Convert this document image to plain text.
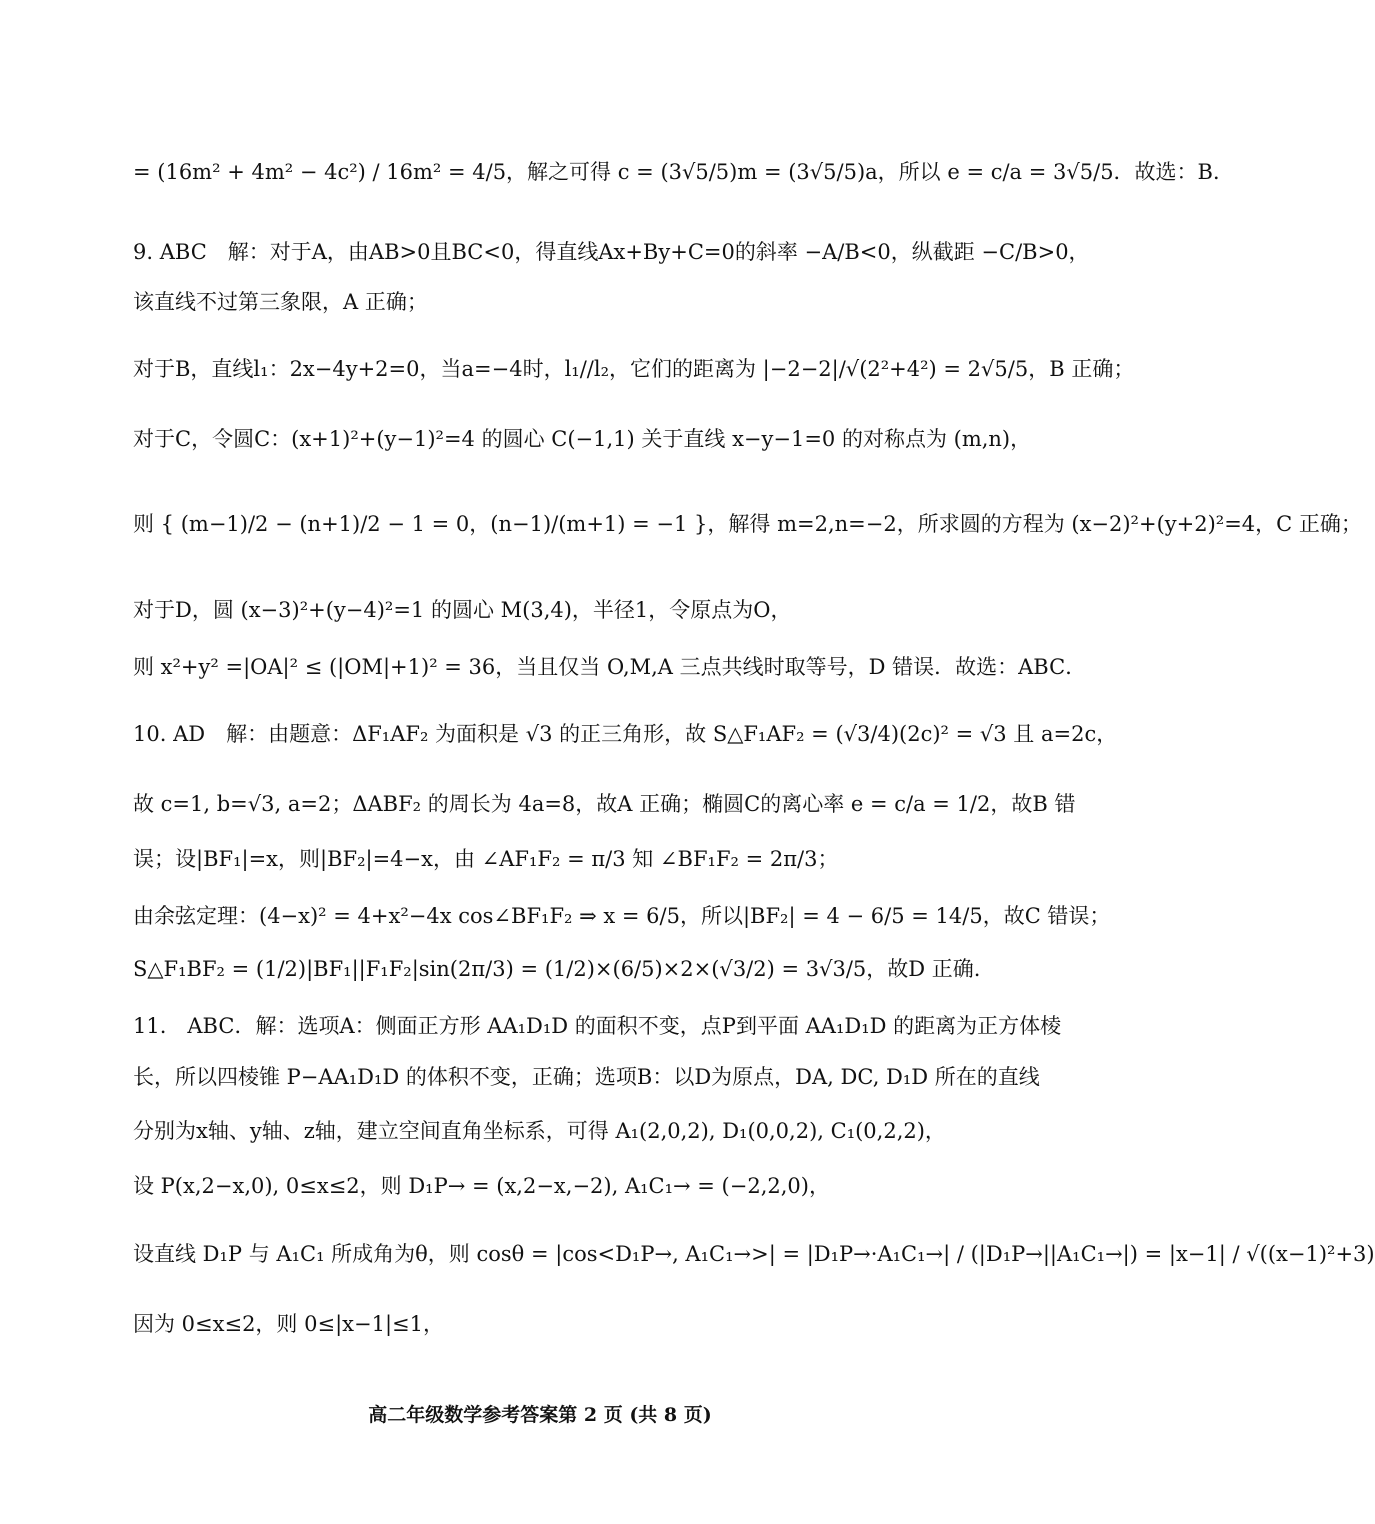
= (16m² + 4m² − 4c²) / 16m² = 4/5，解之可得 c = (3√5/5)m = (3√5/5)a，所以 e = c/a = 3√5/5．故选：B．
9. ABC　解：对于A，由AB>0且BC<0，得直线Ax+By+C=0的斜率 −A/B<0，纵截距 −C/B>0，
该直线不过第三象限，A 正确；
对于B，直线l₁：2x−4y+2=0，当a=−4时，l₁//l₂，它们的距离为 |−2−2|/√(2²+4²) = 2√5/5，B 正确；
对于C，令圆C：(x+1)²+(y−1)²=4 的圆心 C(−1,1) 关于直线 x−y−1=0 的对称点为 (m,n)，
则 { (m−1)/2 − (n+1)/2 − 1 = 0，(n−1)/(m+1) = −1 }，解得 m=2,n=−2，所求圆的方程为 (x−2)²+(y+2)²=4，C 正确；
对于D，圆 (x−3)²+(y−4)²=1 的圆心 M(3,4)，半径1，令原点为O，
则 x²+y² =|OA|² ≤ (|OM|+1)² = 36，当且仅当 O,M,A 三点共线时取等号，D 错误．故选：ABC．
10. AD　解：由题意：ΔF₁AF₂ 为面积是 √3 的正三角形，故 S△F₁AF₂ = (√3/4)(2c)² = √3 且 a=2c，
故 c=1, b=√3, a=2；ΔABF₂ 的周长为 4a=8，故A 正确；椭圆C的离心率 e = c/a = 1/2，故B 错
误；设|BF₁|=x，则|BF₂|=4−x，由 ∠AF₁F₂ = π/3 知 ∠BF₁F₂ = 2π/3；
由余弦定理：(4−x)² = 4+x²−4x cos∠BF₁F₂ ⇒ x = 6/5，所以|BF₂| = 4 − 6/5 = 14/5，故C 错误；
S△F₁BF₂ = (1/2)|BF₁||F₁F₂|sin(2π/3) = (1/2)×(6/5)×2×(√3/2) = 3√3/5，故D 正确.
11.　ABC．解：选项A：侧面正方形 AA₁D₁D 的面积不变，点P到平面 AA₁D₁D 的距离为正方体棱
长，所以四棱锥 P−AA₁D₁D 的体积不变，正确；选项B：以D为原点，DA, DC, D₁D 所在的直线
分别为x轴、y轴、z轴，建立空间直角坐标系，可得 A₁(2,0,2), D₁(0,0,2), C₁(0,2,2)，
设 P(x,2−x,0), 0≤x≤2，则 D₁P→ = (x,2−x,−2), A₁C₁→ = (−2,2,0)，
设直线 D₁P 与 A₁C₁ 所成角为θ，则 cosθ = |cos<D₁P→, A₁C₁→>| = |D₁P→·A₁C₁→| / (|D₁P→||A₁C₁→|) = |x−1| / √((x−1)²+3)
因为 0≤x≤2，则 0≤|x−1|≤1，
高二年级数学参考答案第 2 页 (共 8 页)
